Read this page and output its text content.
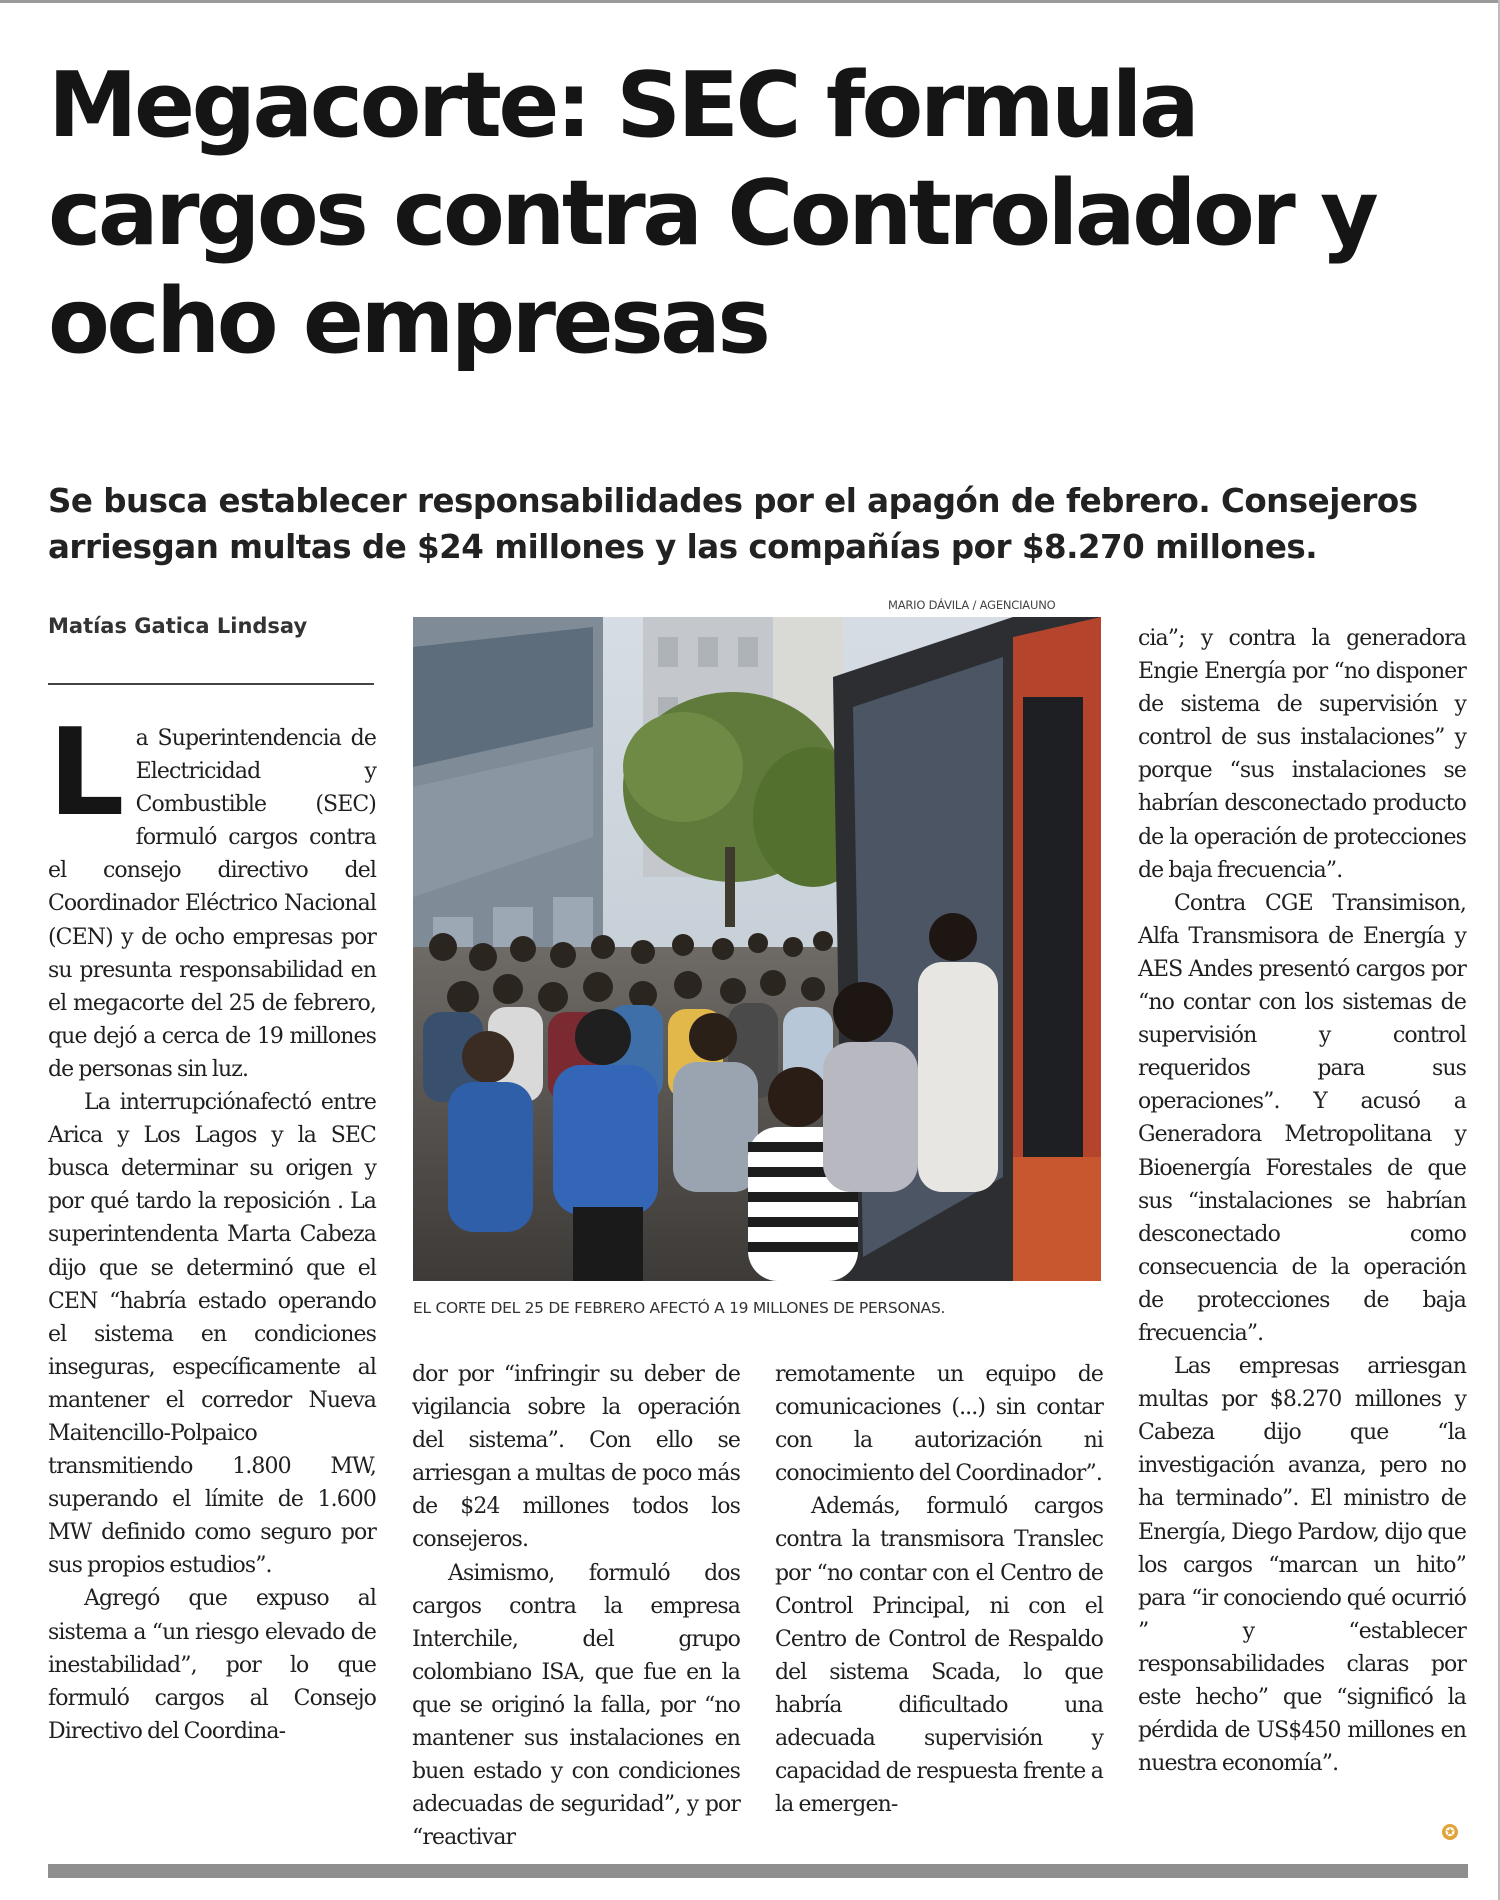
Megacorte: SEC formula cargos contra Controlador y ocho empresas

Se busca establecer responsabilidades por el apagón de febrero. Consejeros arriesgan multas de $24 millones y las compañías por $8.270 millones.

Matías Gatica Lindsay

MARIO DÁVILA / AGENCIAUNO
EL CORTE DEL 25 DE FEBRERO AFECTÓ A 19 MILLONES DE PERSONAS.

La Superintendencia de Electricidad y Combustible (SEC) formuló cargos contra el consejo directivo del Coordinador Eléctrico Nacional (CEN) y de ocho empresas por su presunta responsabilidad en el megacorte del 25 de febrero, que dejó a cerca de 19 millones de personas sin luz.

La interrupciónafectó entre Arica y Los Lagos y la SEC busca determinar su origen y por qué tardo la reposición . La superintendenta Marta Cabeza dijo que se determinó que el CEN “habría estado operando el sistema en condiciones inseguras, específicamente al mantener el corredor Nueva Maitencillo-Polpaico transmitiendo 1.800 MW, superando el límite de 1.600 MW definido como seguro por sus propios estudios”.

Agregó que expuso al sistema a “un riesgo elevado de inestabilidad”, por lo que formuló cargos al Consejo Directivo del Coordina-

dor por “infringir su deber de vigilancia sobre la operación del sistema”. Con ello se arriesgan a multas de poco más de $24 millones todos los consejeros.

Asimismo, formuló dos cargos contra la empresa Interchile, del grupo colombiano ISA, que fue en la que se originó la falla, por “no mantener sus instalaciones en buen estado y con condiciones adecuadas de seguridad”, y por “reactivar

remotamente un equipo de comunicaciones (...) sin contar con la autorización ni conocimiento del Coordinador”.

Además, formuló cargos contra la transmisora Translec por “no contar con el Centro de Control Principal, ni con el Centro de Control de Respaldo del sistema Scada, lo que habría dificultado una adecuada supervisión y capacidad de respuesta frente a la emergen-

cia”; y contra la generadora Engie Energía por “no disponer de sistema de supervisión y control de sus instalaciones” y porque “sus instalaciones se habrían desconectado producto de la operación de protecciones de baja frecuencia”.

Contra CGE Transimison, Alfa Transmisora de Energía y AES Andes presentó cargos por “no contar con los sistemas de supervisión y control requeridos para sus operaciones”. Y acusó a Generadora Metropolitana y Bioenergía Forestales de que sus “instalaciones se habrían desconectado como consecuencia de la operación de protecciones de baja frecuencia”.

Las empresas arriesgan multas por $8.270 millones y Cabeza dijo que “la investigación avanza, pero no ha terminado”. El ministro de Energía, Diego Pardow, dijo que los cargos “marcan un hito” para “ir conociendo qué ocurrió ” y “establecer responsabilidades claras por este hecho” que “significó la pérdida de US$450 millones en nuestra economía”.

✪
